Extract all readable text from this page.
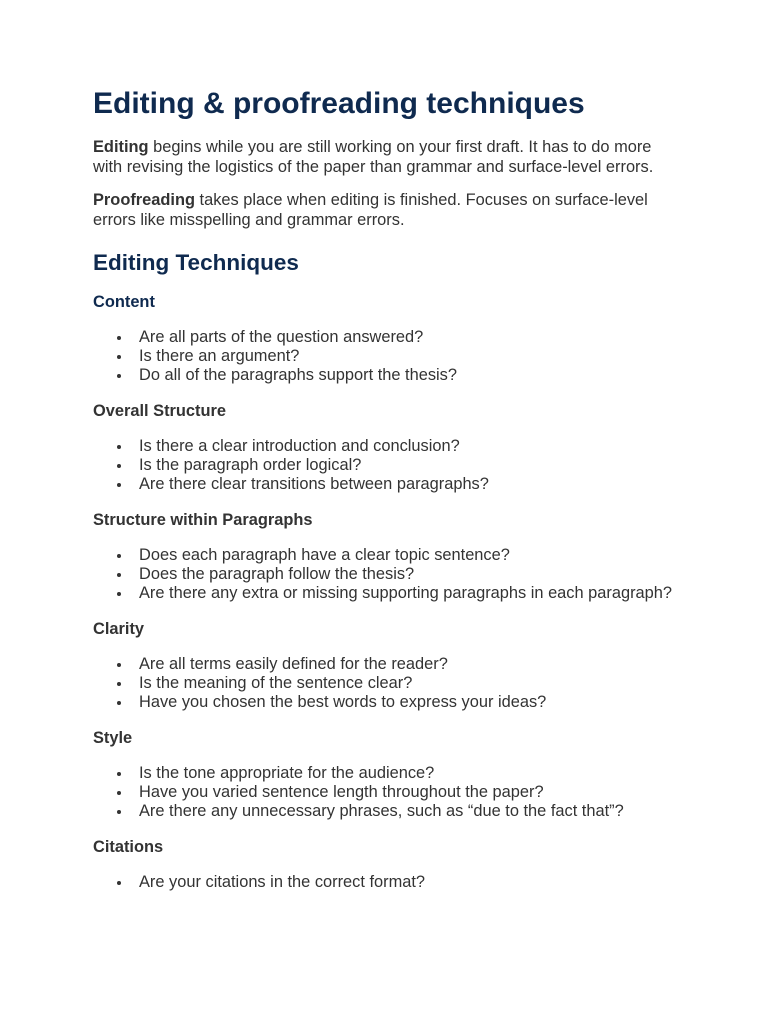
Editing & proofreading techniques

Editing begins while you are still working on your first draft. It has to do more with revising the logistics of the paper than grammar and surface-level errors.

Proofreading takes place when editing is finished. Focuses on surface-level errors like misspelling and grammar errors.

Editing Techniques
Content
Are all parts of the question answered?
Is there an argument?
Do all of the paragraphs support the thesis?
Overall Structure
Is there a clear introduction and conclusion?
Is the paragraph order logical?
Are there clear transitions between paragraphs?
Structure within Paragraphs
Does each paragraph have a clear topic sentence?
Does the paragraph follow the thesis?
Are there any extra or missing supporting paragraphs in each paragraph?
Clarity
Are all terms easily defined for the reader?
Is the meaning of the sentence clear?
Have you chosen the best words to express your ideas?
Style
Is the tone appropriate for the audience?
Have you varied sentence length throughout the paper?
Are there any unnecessary phrases, such as “due to the fact that”?
Citations
Are your citations in the correct format?
